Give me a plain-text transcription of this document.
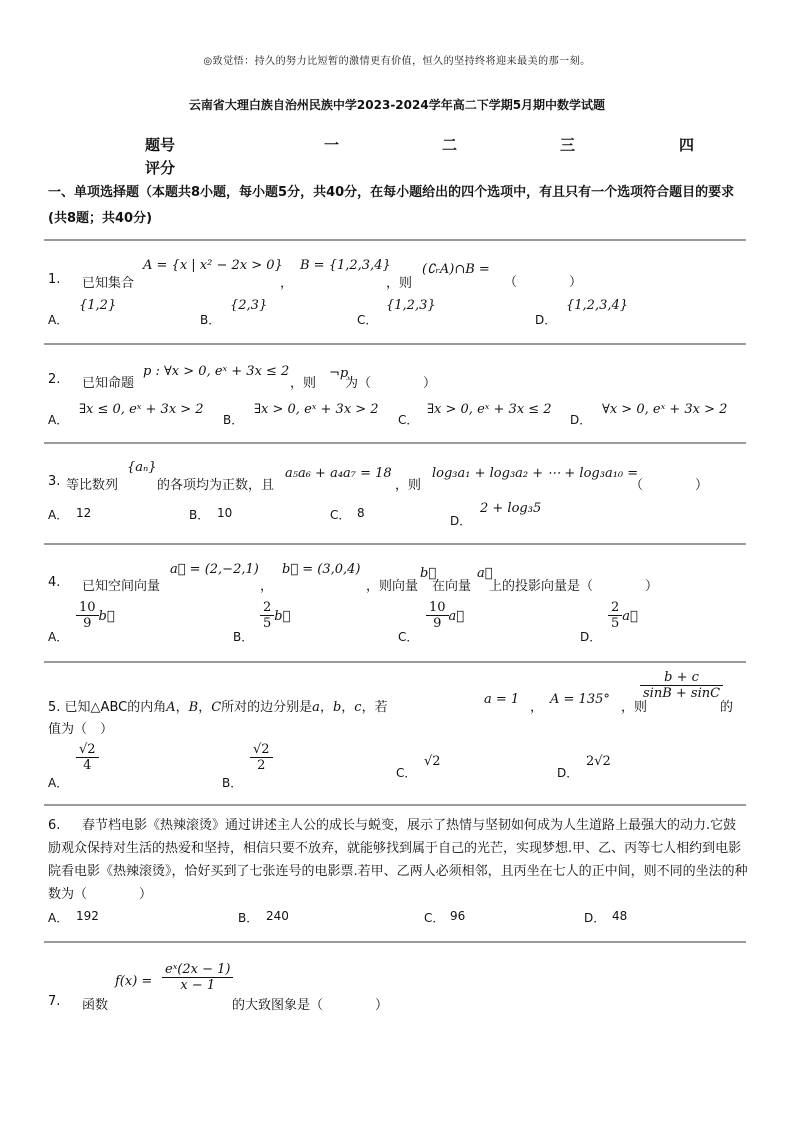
◎致觉悟：持久的努力比短暂的激情更有价值，恒久的坚持终将迎来最美的那一刻。
云南省大理白族自治州民族中学2023-2024学年高二下学期5月期中数学试题
题号	一	二	三	四
评分
一、单项选择题（本题共8小题，每小题5分，共40分，在每小题给出的四个选项中，有且只有一个选项符合题目的要求(共8题；共40分)
1. 已知集合
A = {x | x² − 2x > 0}
，
B = {1,2,3,4}
，则
(∁ᵣA)∩B =
（　　　　）
A．
{1,2}
B．
{2,3}
C．
{1,2,3}
D．
{1,2,3,4}
2. 已知命题
p : ∀x > 0, eˣ + 3x ≤ 2
，则
¬p
为（　　　　）
A．
∃x ≤ 0, eˣ + 3x > 2
B．
∃x > 0, eˣ + 3x > 2
C．
∃x > 0, eˣ + 3x ≤ 2
D．
∀x > 0, eˣ + 3x > 2
3. 等比数列
{aₙ}
的各项均为正数，且
a₅a₆ + a₄a₇ = 18
，则
log₃a₁ + log₃a₂ + ⋯ + log₃a₁₀ =
（　　　　）
A． 12	B． 10	C． 8
D．
2 + log₃5
4. 已知空间向量
a⃗ = (2,−2,1)
，
b⃗ = (3,0,4)
，则向量
b⃗
在向量
a⃗
上的投影向量是（　　　　）
A．
$\frac{10}{9}$ b⃗
B．
$\frac{2}{5}$ b⃗
C．
$\frac{10}{9}$ a⃗
D．
$\frac{2}{5}$ a⃗
5. 已知△ABC的内角A，B，C所对的边分别是a，b，c，若
a = 1
，
A = 135°
，则
$\frac{b + c}{\sin B + \sin C}$
的
值为（　）
A．
$\frac{√2}{4}$
B．
$\frac{√2}{2}$	C．
√2
D．
2√2
6.	春节档电影《热辣滚烫》通过讲述主人公的成长与蜕变，展示了热情与坚韧如何成为人生道路上最强大的动力.它鼓励观众保持对生活的热爱和坚持，相信只要不放弃，就能够找到属于自己的光芒，实现梦想.甲、乙、丙等七人相约到电影院看电影《热辣滚烫》，恰好买到了七张连号的电影票.若甲、乙两人必须相邻，且丙坐在七人的正中间，则不同的坐法的种数为（　　　　）
A． 192	B． 240	C． 96	D． 48
7. 函数
$f(x) = \frac{\text{eˣ(2x − 1)}}{x - 1}$
的大致图象是（　　　　）
